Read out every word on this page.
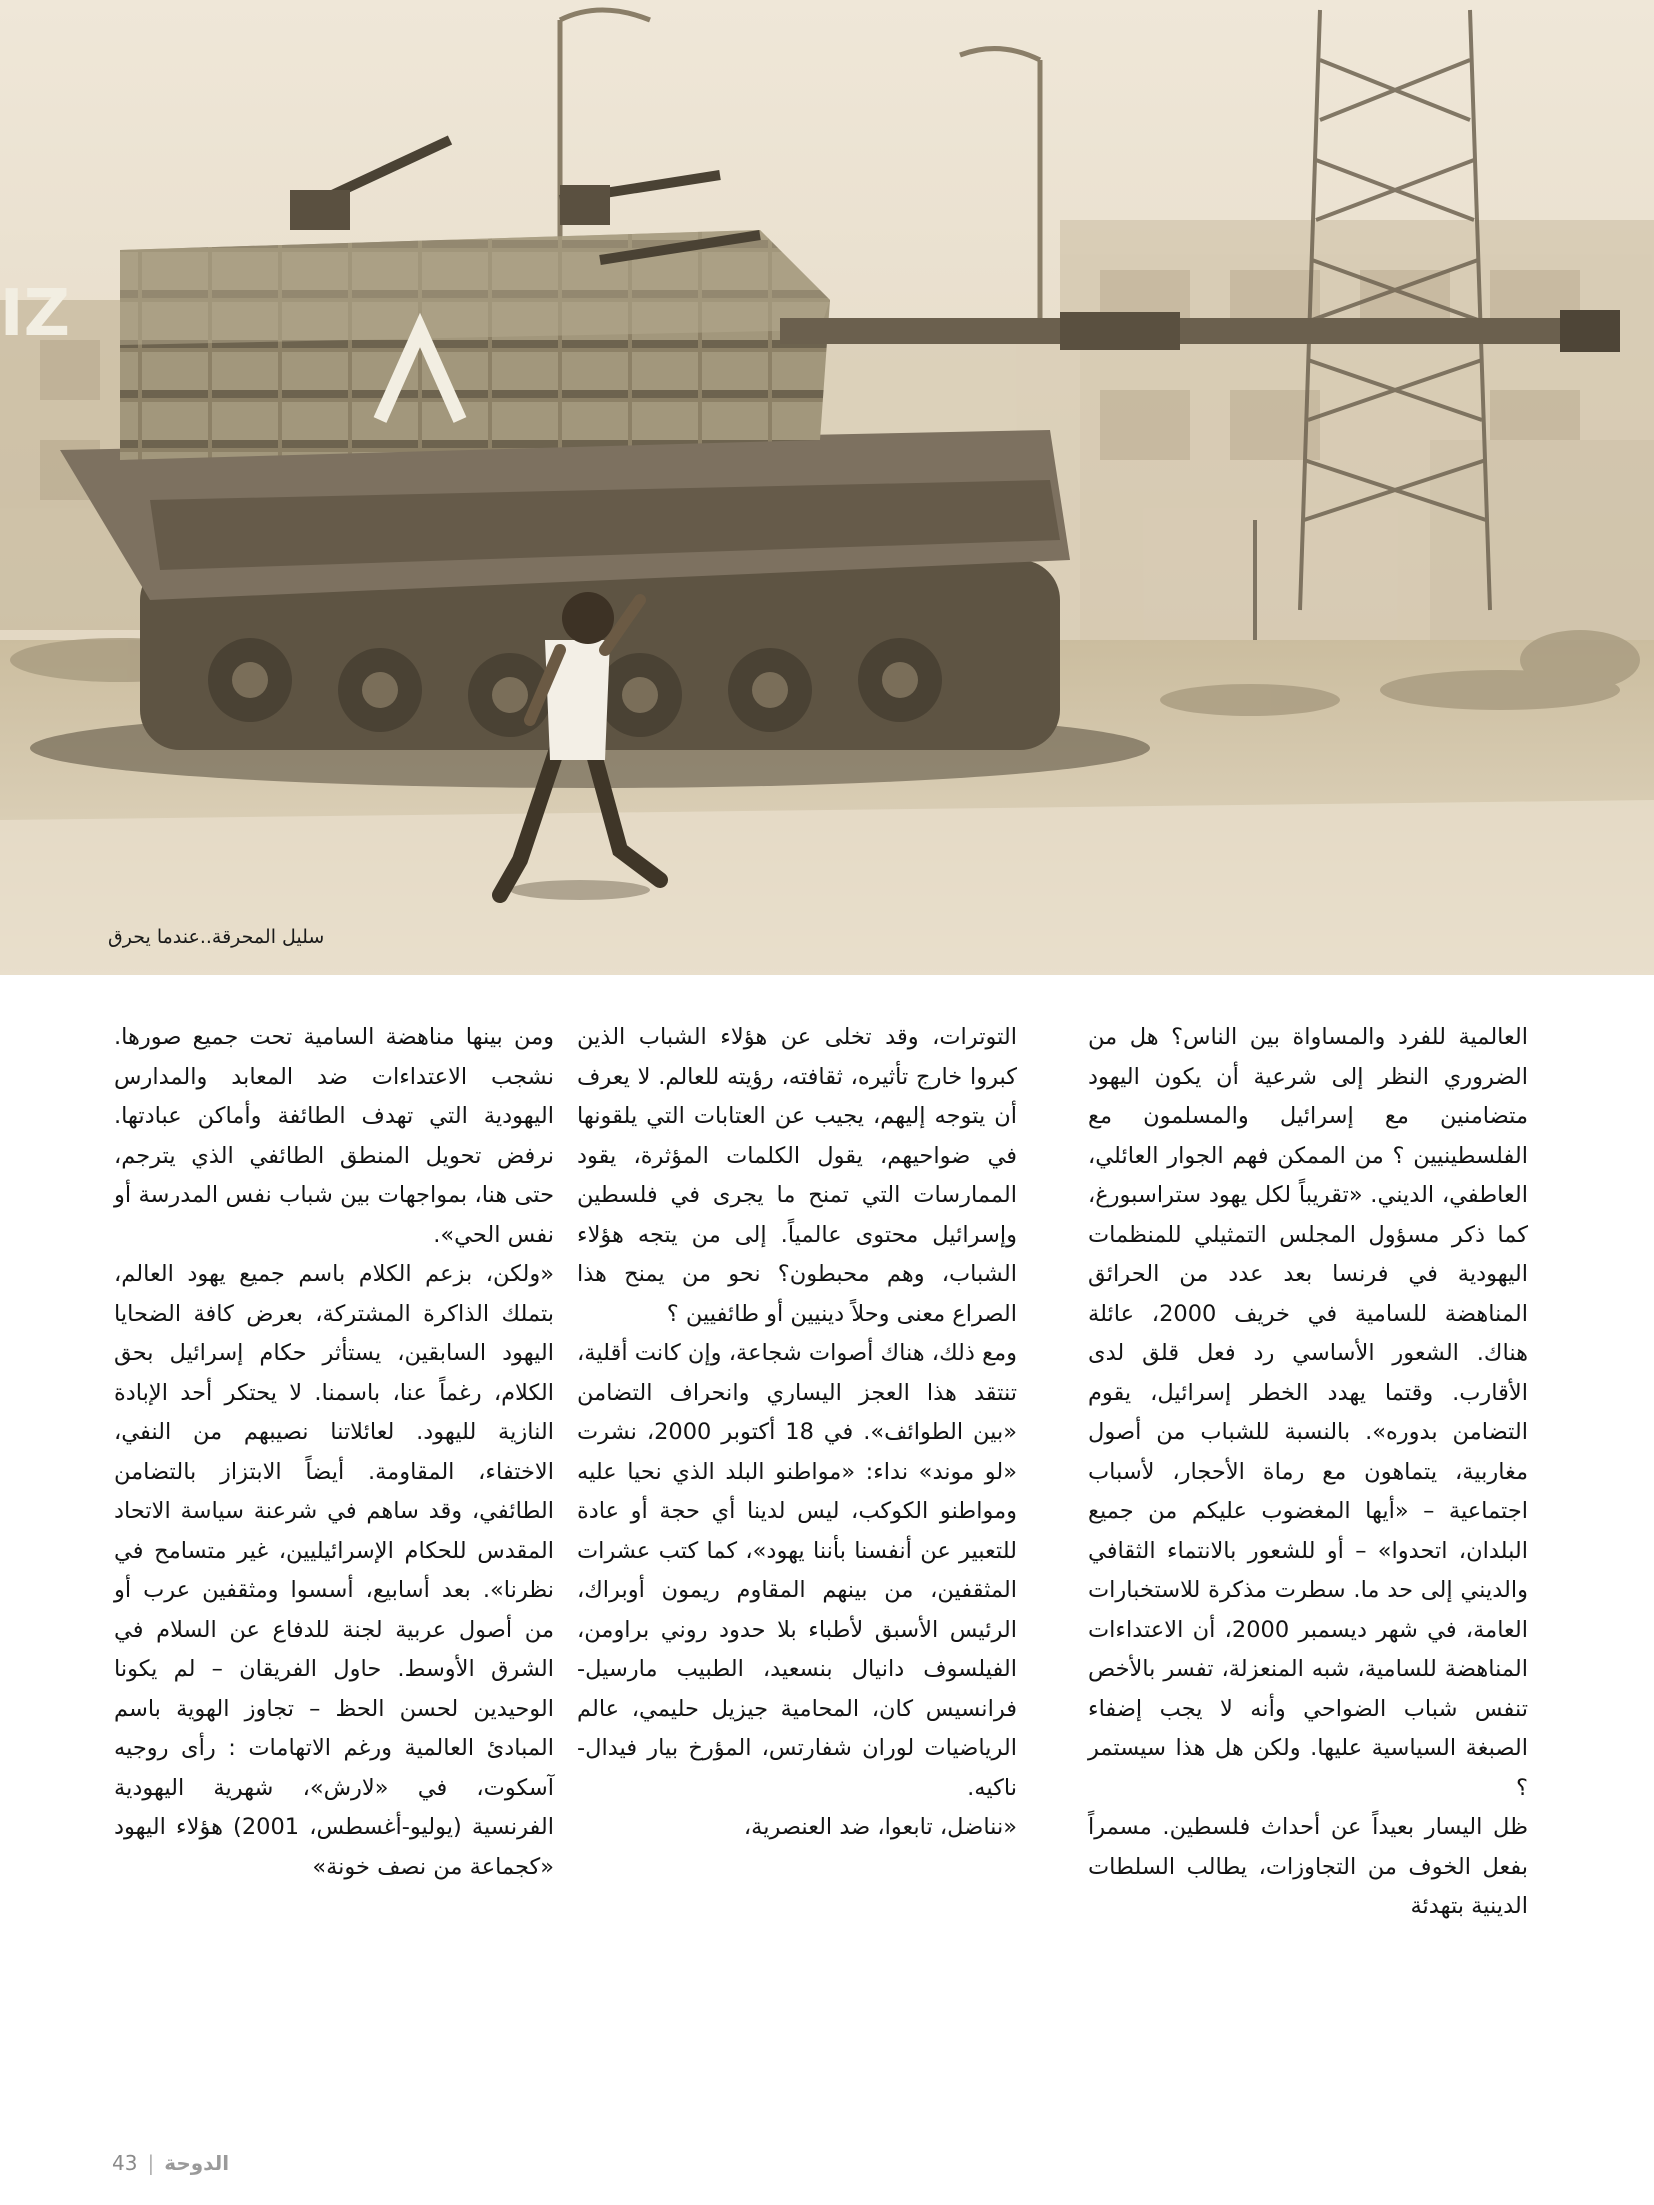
IZ
سليل المحرقة..عندما يحرق

العالمية للفرد والمساواة بين الناس؟ هل من الضروري النظر إلى شرعية أن يكون اليهود متضامنين مع إسرائيل والمسلمون مع الفلسطينيين ؟ من الممكن فهم الجوار العائلي، العاطفي، الديني. «تقريباً لكل يهود ستراسبورغ، كما ذكر مسؤول المجلس التمثيلي للمنظمات اليهودية في فرنسا بعد عدد من الحرائق المناهضة للسامية في خريف 2000، عائلة هناك. الشعور الأساسي رد فعل قلق لدى الأقارب. وقتما يهدد الخطر إسرائيل، يقوم التضامن بدوره». بالنسبة للشباب من أصول مغاربية، يتماهون مع رماة الأحجار، لأسباب اجتماعية – «أيها المغضوب عليكم من جميع البلدان، اتحدوا» – أو للشعور بالانتماء الثقافي والديني إلى حد ما. سطرت مذكرة للاستخبارات العامة، في شهر ديسمبر 2000، أن الاعتداءات المناهضة للسامية، شبه المنعزلة، تفسر بالأخص تنفس شباب الضواحي وأنه لا يجب إضفاء الصبغة السياسية عليها. ولكن هل هذا سيستمر ؟

ظل اليسار بعيداً عن أحداث فلسطين. مسمراً بفعل الخوف من التجاوزات، يطالب السلطات الدينية بتهدئة

التوترات، وقد تخلى عن هؤلاء الشباب الذين كبروا خارج تأثيره، ثقافته، رؤيته للعالم. لا يعرف أن يتوجه إليهم، يجيب عن العتابات التي يلقونها في ضواحيهم، يقول الكلمات المؤثرة، يقود الممارسات التي تمنح ما يجرى في فلسطين وإسرائيل محتوى عالمياً. إلى من يتجه هؤلاء الشباب، وهم محبطون؟ نحو من يمنح هذا الصراع معنى وحلاً دينيين أو طائفيين ؟

ومع ذلك، هناك أصوات شجاعة، وإن كانت أقلية، تنتقد هذا العجز اليساري وانحراف التضامن «بين الطوائف». في 18 أكتوبر 2000، نشرت «لو موند» نداء: «مواطنو البلد الذي نحيا عليه ومواطنو الكوكب، ليس لدينا أي حجة أو عادة للتعبير عن أنفسنا بأننا يهود»، كما كتب عشرات المثقفين، من بينهم المقاوم ريمون أوبراك، الرئيس الأسبق لأطباء بلا حدود روني براومن، الفيلسوف دانيال بنسعيد، الطبيب مارسيل-فرانسيس كان، المحامية جيزيل حليمي، عالم الرياضيات لوران شفارتس، المؤرخ بيار فيدال-ناكيه.

«نناضل، تابعوا، ضد العنصرية،

ومن بينها مناهضة السامية تحت جميع صورها. نشجب الاعتداءات ضد المعابد والمدارس اليهودية التي تهدف الطائفة وأماكن عبادتها. نرفض تحويل المنطق الطائفي الذي يترجم، حتى هنا، بمواجهات بين شباب نفس المدرسة أو نفس الحي».

«ولكن، بزعم الكلام باسم جميع يهود العالم، بتملك الذاكرة المشتركة، بعرض كافة الضحايا اليهود السابقين، يستأثر حكام إسرائيل بحق الكلام، رغماً عنا، باسمنا. لا يحتكر أحد الإبادة النازية لليهود. لعائلاتنا نصيبهم من النفي، الاختفاء، المقاومة. أيضاً الابتزاز بالتضامن الطائفي، وقد ساهم في شرعنة سياسة الاتحاد المقدس للحكام الإسرائيليين، غير متسامح في نظرنا». بعد أسابيع، أسسوا ومثقفين عرب أو من أصول عربية لجنة للدفاع عن السلام في الشرق الأوسط. حاول الفريقان – لم يكونا الوحيدين لحسن الحظ – تجاوز الهوية باسم المبادئ العالمية ورغم الاتهامات : رأى روجيه آسكوت، في «لارش»، شهرية اليهودية الفرنسية (يوليو-أغسطس، 2001) هؤلاء اليهود «كجماعة من نصف خونة»

43 | الدوحة
